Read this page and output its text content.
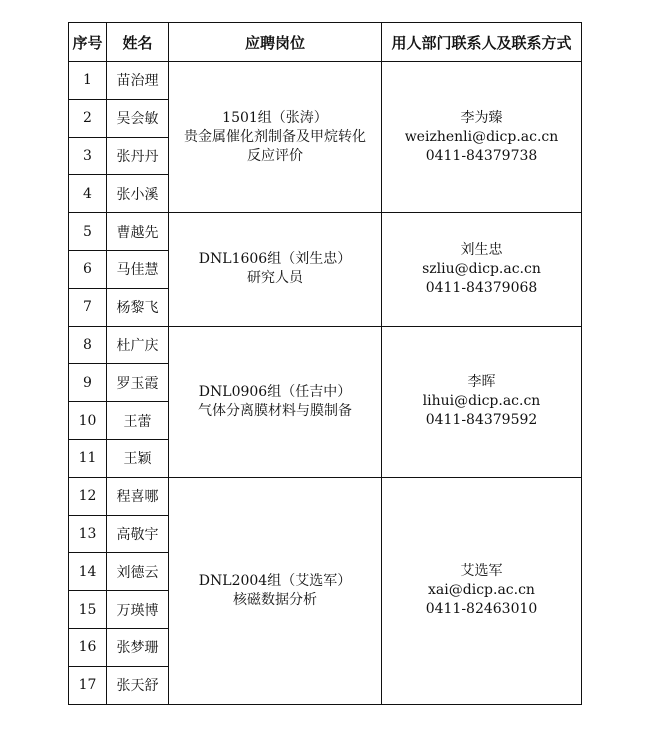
序号	姓名	应聘岗位	用人部门联系人及联系方式
1	苗治理	1501组（张涛）
贵金属催化剂制备及甲烷转化
反应评价	李为臻
weizhenli@dicp.ac.cn
0411-84379738

2	吴会敏		
3	张丹丹		
4	张小溪		
5	曹越先	DNL1606组（刘生忠）
研究人员	刘生忠
szliu@dicp.ac.cn
0411-84379068

6	马佳慧		
7	杨黎飞		
8	杜广庆	DNL0906组（任吉中）
气体分离膜材料与膜制备	李晖
lihui@dicp.ac.cn
0411-84379592

9	罗玉霞		
10	王蕾		
11	王颖		
12	程喜哪	DNL2004组（艾选军）
核磁数据分析	艾选军
xai@dicp.ac.cn
0411-82463010

13	高敬宇		
14	刘德云		
15	万瑛博		
16	张梦珊		
17	张天舒		
